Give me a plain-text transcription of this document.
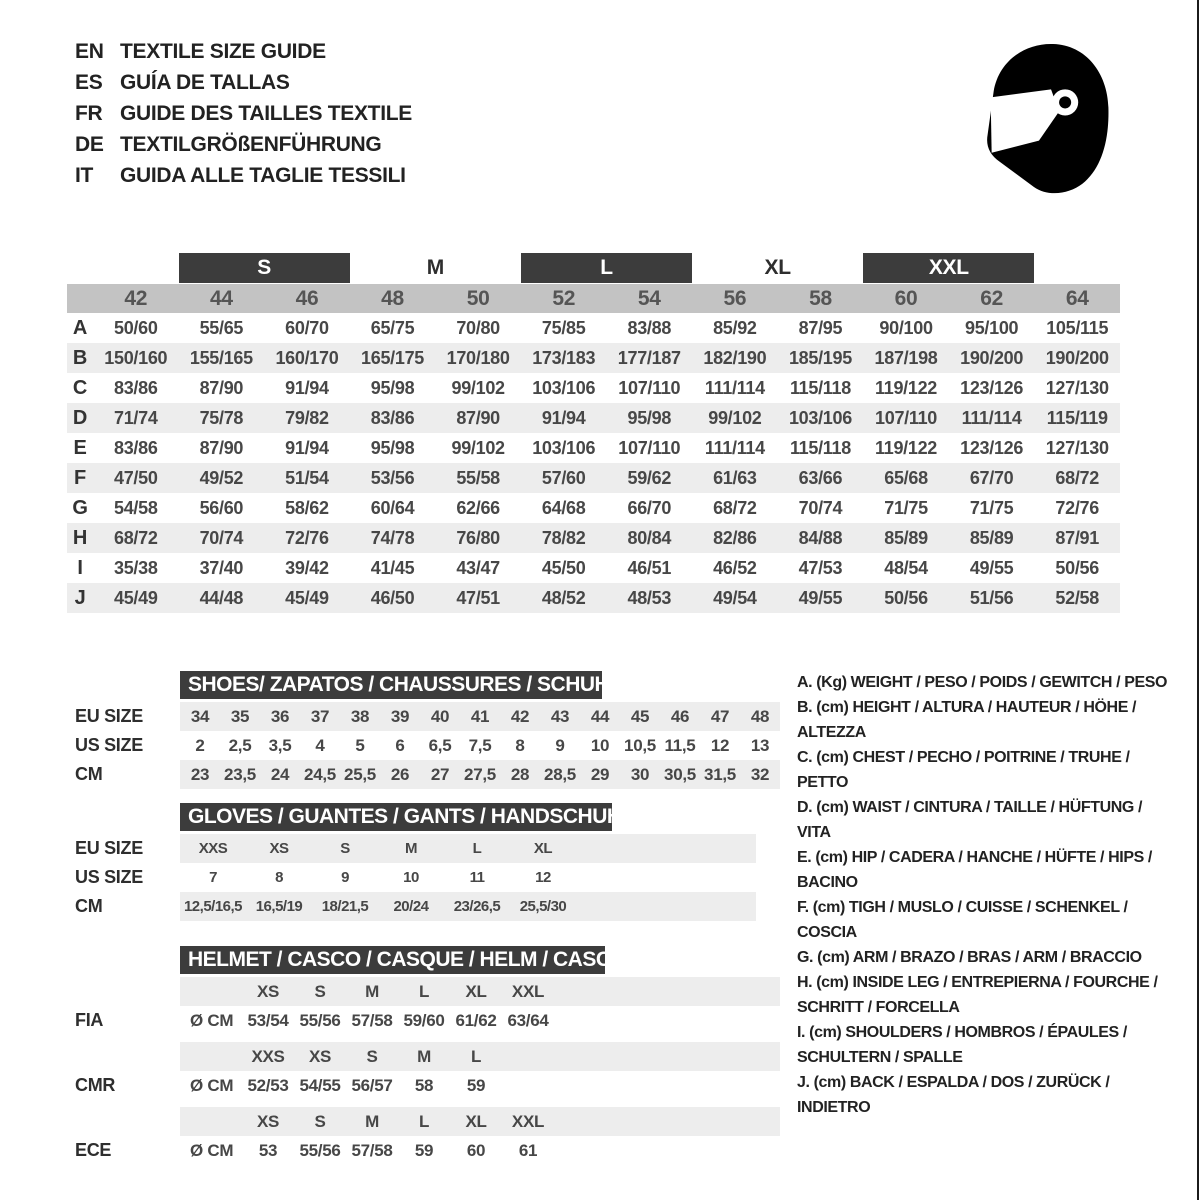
EN TEXTILE SIZE GUIDE
ES GUÍA DE TALLAS
FR GUIDE DES TAILLES TEXTILE
DE TEXTILGRÖßENFÜHRUNG
IT	GUIDA ALLE TAGLIE TESSILI
S	M	L	XL	XXL
42	44	46	48	50	52	54	56	58	60	62	64
A	50/60	55/65	60/70	65/75	70/80	75/85	83/88	85/92	87/95	90/100	95/100	105/115
B 150/160	155/165	160/170	165/175	170/180	173/183	177/187	182/190	185/195	187/198	190/200	190/200
C	83/86	87/90	91/94	95/98	99/102	103/106	107/110	111/114	115/118	119/122	123/126	127/130
D	71/74	75/78	79/82	83/86	87/90	91/94	95/98	99/102	103/106	107/110	111/114	115/119
E	83/86	87/90	91/94	95/98	99/102	103/106	107/110	111/114	115/118	119/122	123/126	127/130
F	47/50	49/52	51/54	53/56	55/58	57/60	59/62	61/63	63/66	65/68	67/70	68/72
G	54/58	56/60	58/62	60/64	62/66	64/68	66/70	68/72	70/74	71/75	71/75	72/76
H	68/72	70/74	72/76	74/78	76/80	78/82	80/84	82/86	84/88	85/89	85/89	87/91
I	35/38	37/40	39/42	41/45	43/47	45/50	46/51	46/52	47/53	48/54	49/55	50/56
J	45/49	44/48	45/49	46/50	47/51	48/52	48/53	49/54	49/55	50/56	51/56	52/58
SHOES/ ZAPATOS / CHAUSSURES / SCHUHE / SCARPE
EU SIZE	34	35	36	37	38	39	40	41	42	43	44	45	46	47	48
US SIZE	2	2,5	3,5	4	5	6	6,5	7,5	8	9	10 10,5 11,5 12	13
CM	23 23,5 24 24,5 25,5 26	27 27,5 28 28,5 29	30 30,5 31,5 32
GLOVES / GUANTES / GANTS / HANDSCHUHE / GUANTI
EU SIZE	XXS	XS	S	M	L	XL
US SIZE	7	8	9	10	11	12
CM	12,5/16,5 16,5/19	18/21,5	20/24	23/26,5	25,5/30
HELMET / CASCO / CASQUE / HELM / CASCO
XS	S	M	L	XL	XXL
FIA	Ø CM 53/54 55/56 57/58 59/60 61/62 63/64
XXS	XS	S	M	L
CMR	Ø CM 52/53 54/55 56/57	58	59
XS	S	M	L	XL	XXL
ECE	Ø CM	53	55/56 57/58	59	60	61
A. (Kg) WEIGHT / PESO / POIDS / GEWITCH / PESO
B. (cm) HEIGHT / ALTURA / HAUTEUR / HÖHE / ALTEZZA
C. (cm) CHEST / PECHO / POITRINE / TRUHE / PETTO
D. (cm) WAIST / CINTURA / TAILLE / HÜFTUNG / VITA
E. (cm) HIP / CADERA / HANCHE / HÜFTE / HIPS / BACINO
F. (cm) TIGH / MUSLO / CUISSE / SCHENKEL / COSCIA
G. (cm) ARM / BRAZO / BRAS / ARM / BRACCIO
H. (cm) INSIDE LEG / ENTREPIERNA / FOURCHE / SCHRITT / FORCELLA
I. (cm) SHOULDERS / HOMBROS / ÉPAULES / SCHULTERN / SPALLE
J. (cm) BACK / ESPALDA / DOS / ZURÜCK / INDIETRO
